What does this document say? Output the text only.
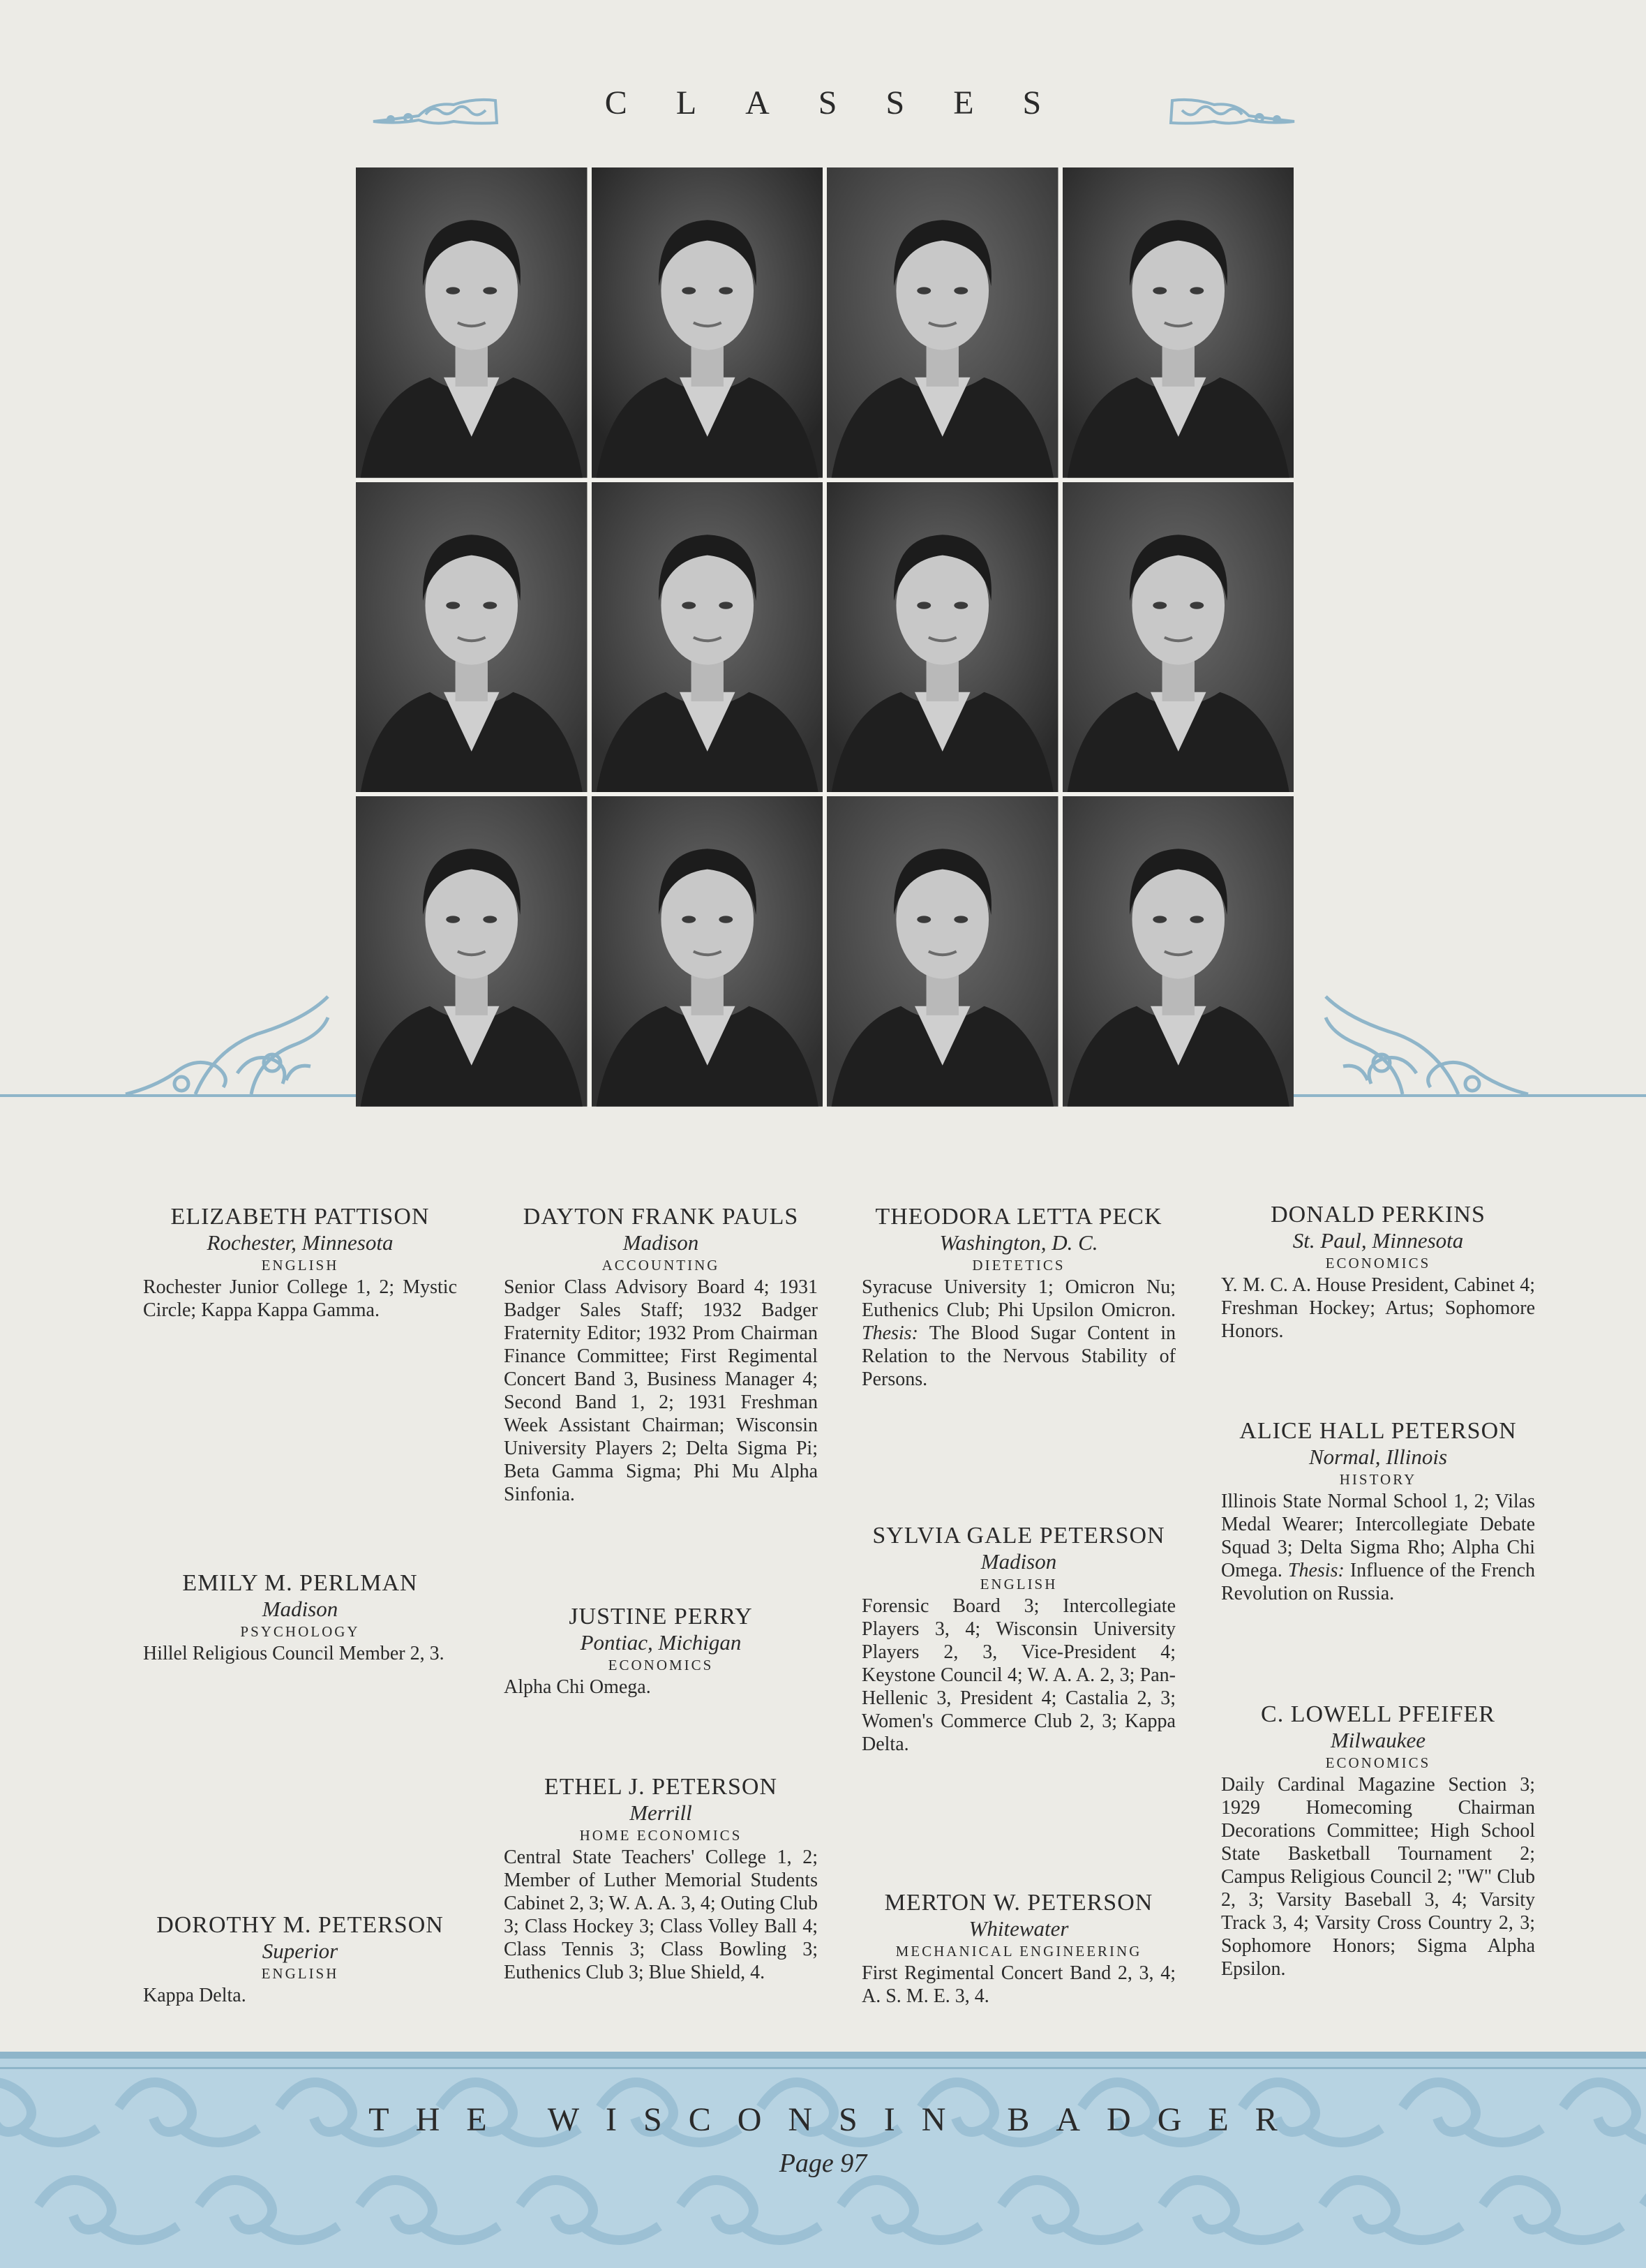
CLASSES
ELIZABETH PATTISON
Rochester, Minnesota
ENGLISH
Rochester Junior College 1, 2; Mystic Circle; Kappa Kappa Gamma.
EMILY M. PERLMAN
Madison
PSYCHOLOGY
Hillel Religious Council Member 2, 3.
DOROTHY M. PETERSON
Superior
ENGLISH
Kappa Delta.
DAYTON FRANK PAULS
Madison
ACCOUNTING
Senior Class Advisory Board 4; 1931 Badger Sales Staff; 1932 Badger Fraternity Editor; 1932 Prom Chairman Finance Committee; First Regimental Concert Band 3, Business Manager 4; Second Band 1, 2; 1931 Freshman Week Assistant Chairman; Wisconsin University Players 2; Delta Sigma Pi; Beta Gamma Sigma; Phi Mu Alpha Sinfonia.
JUSTINE PERRY
Pontiac, Michigan
ECONOMICS
Alpha Chi Omega.
ETHEL J. PETERSON
Merrill
HOME ECONOMICS
Central State Teachers' College 1, 2; Member of Luther Memorial Students Cabinet 2, 3; W. A. A. 3, 4; Outing Club 3; Class Hockey 3; Class Volley Ball 4; Class Tennis 3; Class Bowling 3; Euthenics Club 3; Blue Shield, 4.
THEODORA LETTA PECK
Washington, D. C.
DIETETICS
Syracuse University 1; Omicron Nu; Euthenics Club; Phi Upsilon Omicron. Thesis: The Blood Sugar Content in Relation to the Nervous Stability of Persons.
SYLVIA GALE PETERSON
Madison
ENGLISH
Forensic Board 3; Intercollegiate Players 3, 4; Wisconsin University Players 2, 3, Vice-President 4; Keystone Council 4; W. A. A. 2, 3; Pan-Hellenic 3, President 4; Castalia 2, 3; Women's Commerce Club 2, 3; Kappa Delta.
MERTON W. PETERSON
Whitewater
MECHANICAL ENGINEERING
First Regimental Concert Band 2, 3, 4; A. S. M. E. 3, 4.
DONALD PERKINS
St. Paul, Minnesota
ECONOMICS
Y. M. C. A. House President, Cabinet 4; Freshman Hockey; Artus; Sophomore Honors.
ALICE HALL PETERSON
Normal, Illinois
HISTORY
Illinois State Normal School 1, 2; Vilas Medal Wearer; Intercollegiate Debate Squad 3; Delta Sigma Rho; Alpha Chi Omega. Thesis: Influence of the French Revolution on Russia.
C. LOWELL PFEIFER
Milwaukee
ECONOMICS
Daily Cardinal Magazine Section 3; 1929 Homecoming Chairman Decorations Committee; High School State Basketball Tournament 2; Campus Religious Council 2; "W" Club 2, 3; Varsity Baseball 3, 4; Varsity Track 3, 4; Varsity Cross Country 2, 3; Sophomore Honors; Sigma Alpha Epsilon.
THE WISCONSIN BADGER
Page 97
